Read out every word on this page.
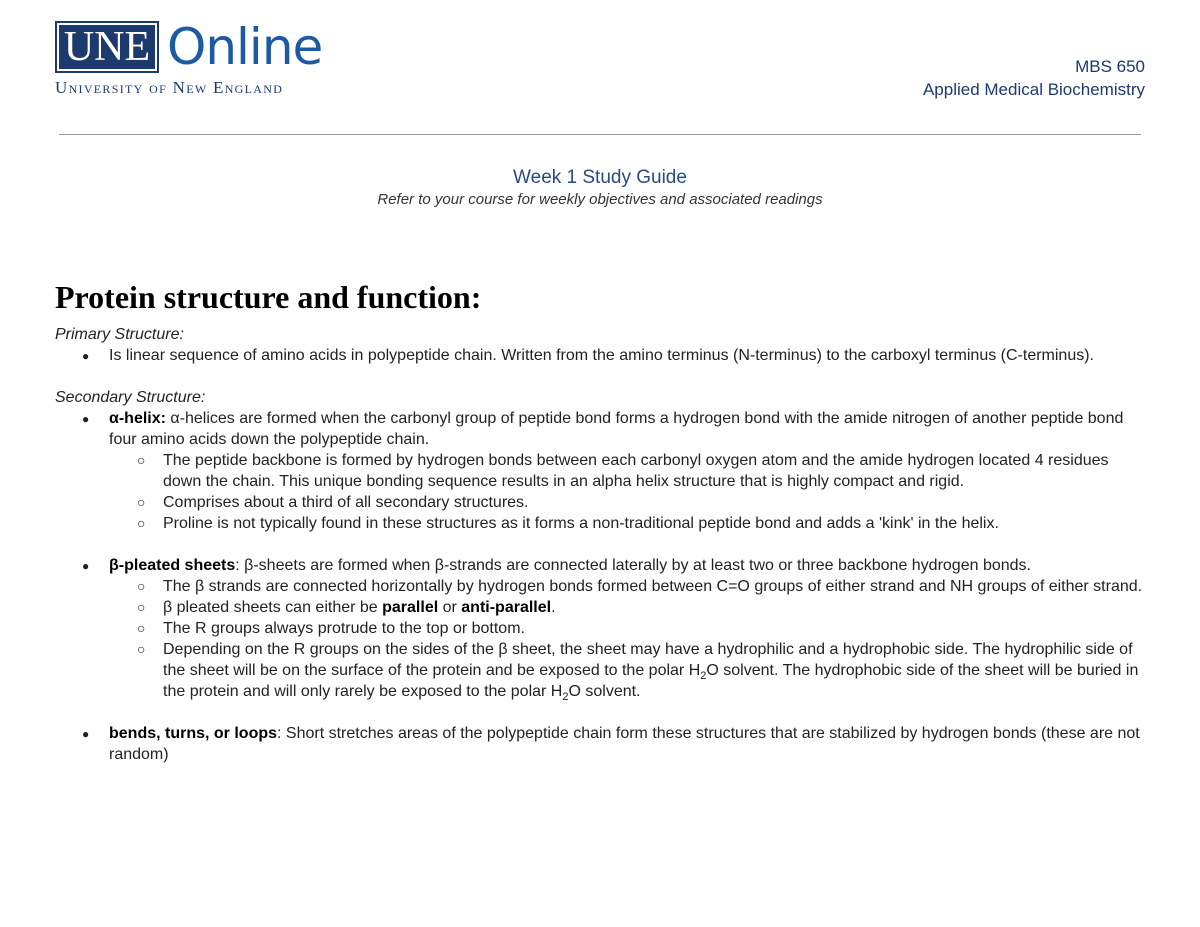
UNE Online
University of New England
MBS 650
Applied Medical Biochemistry
Week 1 Study Guide
Refer to your course for weekly objectives and associated readings
Protein structure and function:
Primary Structure:
● Is linear sequence of amino acids in polypeptide chain. Written from the amino terminus (N-terminus) to the carboxyl terminus (C-terminus).
Secondary Structure:
● α-helix: α-helices are formed when the carbonyl group of peptide bond forms a hydrogen bond with the amide nitrogen of another peptide bond four amino acids down the polypeptide chain.
○ The peptide backbone is formed by hydrogen bonds between each carbonyl oxygen atom and the amide hydrogen located 4 residues down the chain. This unique bonding sequence results in an alpha helix structure that is highly compact and rigid.
○ Comprises about a third of all secondary structures.
○ Proline is not typically found in these structures as it forms a non-traditional peptide bond and adds a 'kink' in the helix.
● β-pleated sheets: β-sheets are formed when β-strands are connected laterally by at least two or three backbone hydrogen bonds.
○ The β strands are connected horizontally by hydrogen bonds formed between C=O groups of either strand and NH groups of either strand.
○ β pleated sheets can either be parallel or anti-parallel.
○ The R groups always protrude to the top or bottom.
○ Depending on the R groups on the sides of the β sheet, the sheet may have a hydrophilic and a hydrophobic side. The hydrophilic side of the sheet will be on the surface of the protein and be exposed to the polar $H_2O$ solvent. The hydrophobic side of the sheet will be buried in the protein and will only rarely be exposed to the polar $H_2O$ solvent.
● bends, turns, or loops: Short stretches areas of the polypeptide chain form these structures that are stabilized by hydrogen bonds (these are not random)
